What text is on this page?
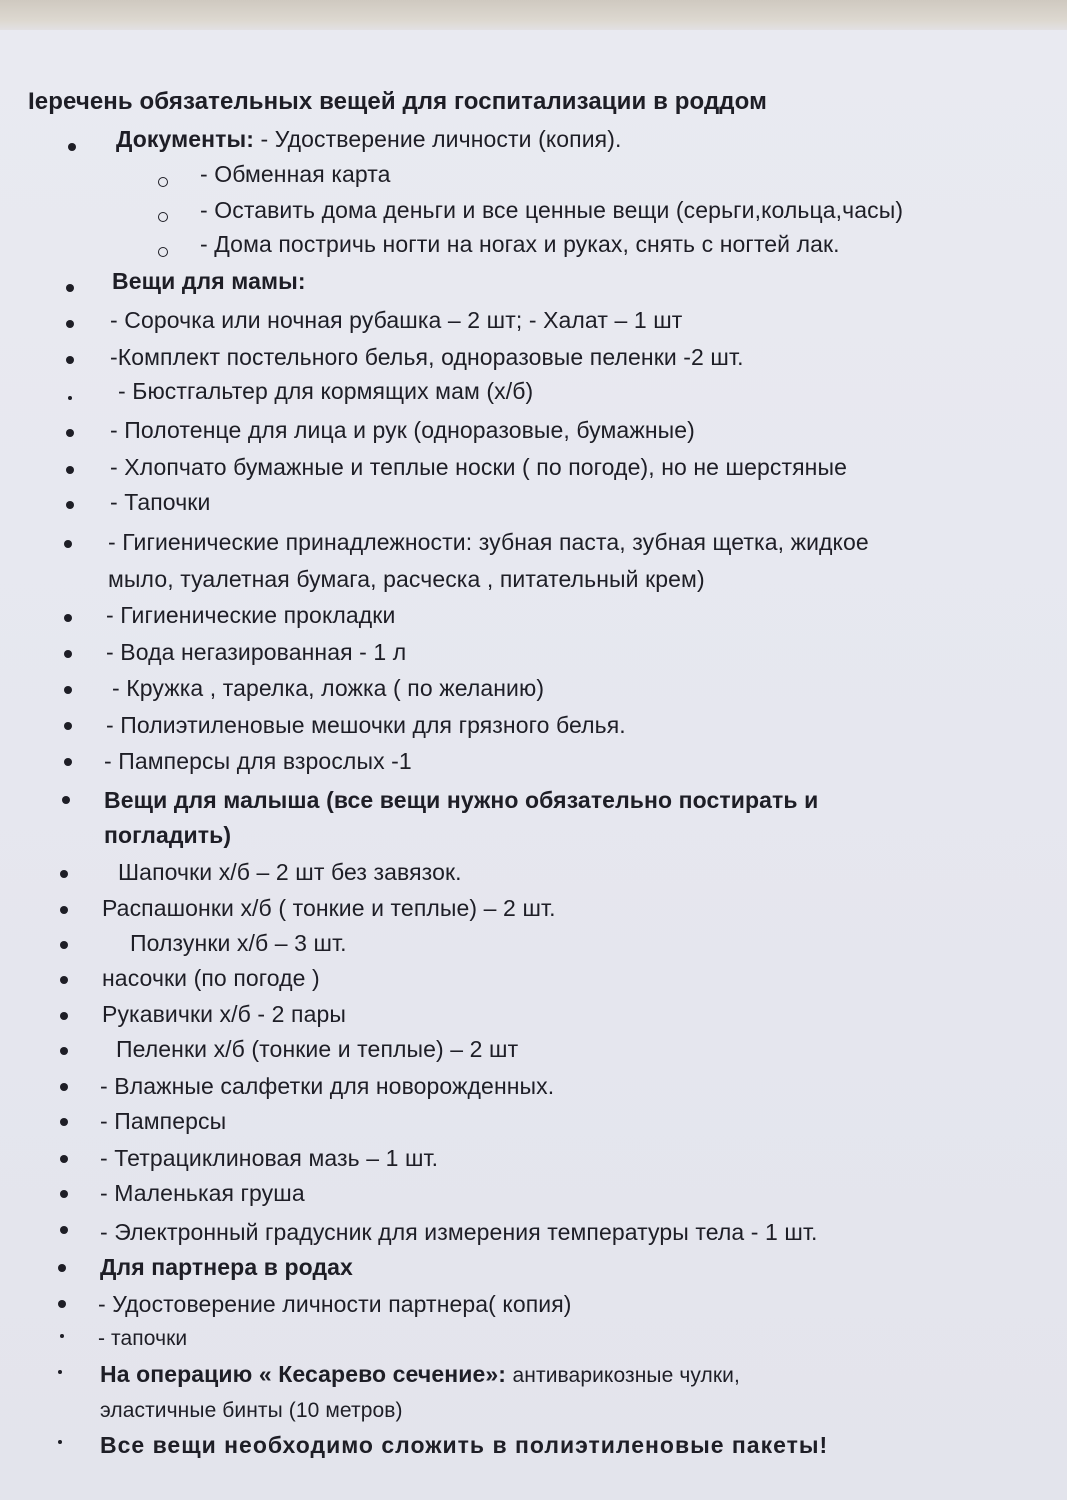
Іеречень обязательных вещей для госпитализации в роддом
Документы: - Удостверение личности (копия).
- Обменная карта
- Оставить дома деньги и все ценные вещи (серьги,кольца,часы)
- Дома постричь ногти на ногах и руках, снять с ногтей лак.
Вещи для мамы:
- Сорочка или ночная рубашка – 2 шт; - Халат – 1 шт
-Комплект постельного белья, одноразовые пеленки -2 шт.
- Бюстгальтер для кормящих мам (х/б)
- Полотенце для лица и рук (одноразовые, бумажные)
- Хлопчато бумажные и теплые носки ( по погоде), но не шерстяные
- Тапочки
- Гигиенические принадлежности: зубная паста, зубная щетка, жидкое
мыло, туалетная бумага, расческа , питательный крем)
- Гигиенические прокладки
- Вода негазированная - 1 л
- Кружка , тарелка, ложка ( по желанию)
- Полиэтиленовые мешочки для грязного белья.
- Памперсы для взрослых -1
Вещи для малыша (все вещи нужно обязательно постирать и
погладить)
Шапочки х/б – 2 шт без завязок.
Распашонки х/б ( тонкие и теплые) – 2 шт.
Ползунки х/б – 3 шт.
насочки (по погоде )
Рукавички х/б - 2 пары
Пеленки х/б (тонкие и теплые) – 2 шт
- Влажные салфетки для новорожденных.
- Памперсы
- Тетрациклиновая мазь – 1 шт.
- Маленькая груша
- Электронный градусник для измерения температуры тела - 1 шт.
Для партнера в родах
- Удостоверение личности партнера( копия)
- тапочки
На операцию « Кесарево сечение»: антиварикозные чулки,
эластичные бинты (10 метров)
Все вещи необходимо сложить в полиэтиленовые пакеты!
